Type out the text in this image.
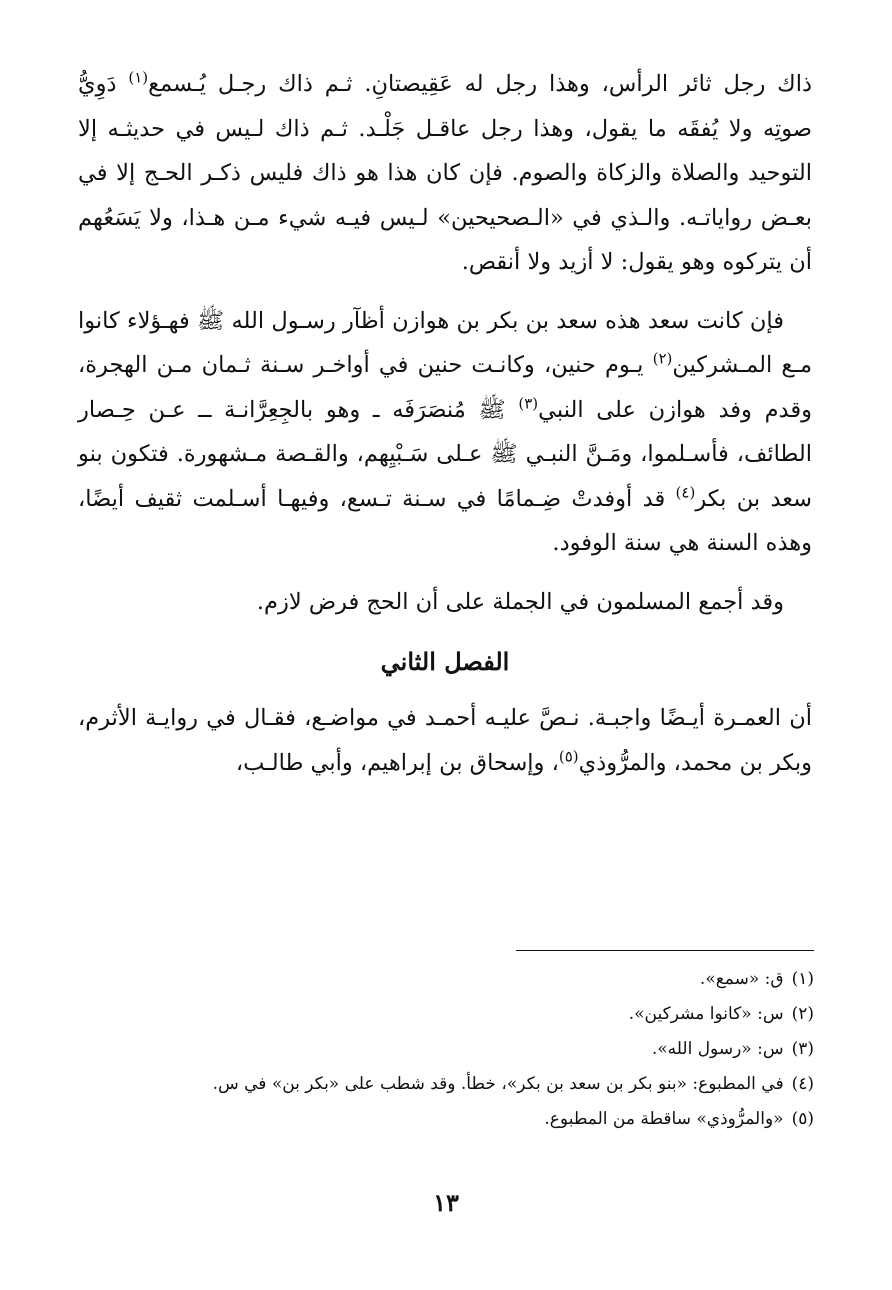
ذاك رجل ثائر الرأس، وهذا رجل له عَقِيصتانِ. ثـم ذاك رجـل يُـسمع$^{(١)}$ دَوِيُّ صوتِه ولا يُفقَه ما يقول، وهذا رجل عاقـل جَلْـد. ثـم ذاك لـيس في حديثـه إلا التوحيد والصلاة والزكاة والصوم. فإن كان هذا هو ذاك فليس ذكـر الحـج إلا في بعـض رواياتـه. والـذي في «الـصحيحين» لـيس فيـه شيء مـن هـذا، ولا يَسَعُهم أن يتركوه وهو يقول: لا أزيد ولا أنقص.

فإن كانت سعد هذه سعد بن بكر بن هوازن أظآر رسـول الله ﷺ فهـؤلاء كانوا مـع المـشركين$^{(٢)}$ يـوم حنين، وكانـت حنين في أواخـر سـنة ثـمان مـن الهجرة، وقدم وفد هوازن على النبي$^{(٣)}$ ﷺ مُنصَرَفَه ـ وهو بالجِعِرَّانـة ــ عـن حِـصار الطائف، فأسـلموا، ومَـنَّ النبـي ﷺ عـلى سَـبْيِهم، والقـصة مـشهورة. فتكون بنو سعد بن بكر$^{(٤)}$ قد أوفدتْ ضِـمامًا في سـنة تـسع، وفيهـا أسـلمت ثقيف أيضًا، وهذه السنة هي سنة الوفود.

وقد أجمع المسلمون في الجملة على أن الحج فرض لازم.

الفصل الثاني

أن العمـرة أيـضًا واجبـة. نـصَّ عليـه أحمـد في مواضـع، فقـال في روايـة الأثرم، وبكر بن محمد، والمرُّوذي$^{(٥)}$، وإسحاق بن إبراهيم، وأبي طالـب،

(١)ق: «سمع».
(٢)س: «كانوا مشركين».
(٣)س: «رسول الله».
(٤)في المطبوع: «بنو بكر بن سعد بن بكر»، خطأ. وقد شطب على «بكر بن» في س.
(٥)«والمرُّوذي» ساقطة من المطبوع.
١٣
